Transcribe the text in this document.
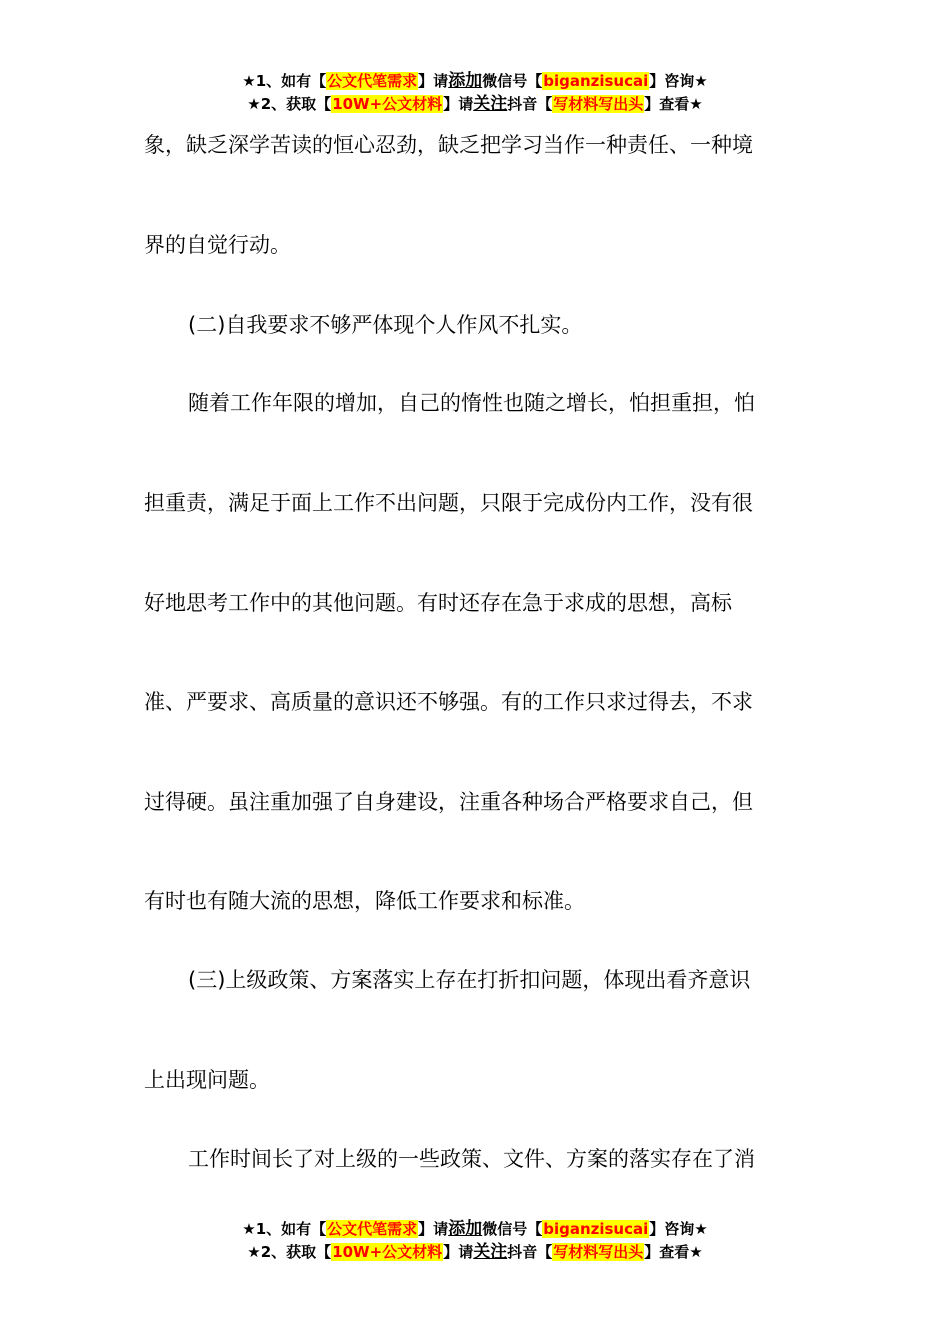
★1、如有【公文代笔需求】请添加微信号【biganzisucai】咨询★
★2、获取【10W+公文材料】请关注抖音【写材料写出头】查看★
象，缺乏深学苦读的恒心忍劲，缺乏把学习当作一种责任、一种境
界的自觉行动。
(二)自我要求不够严体现个人作风不扎实。
随着工作年限的增加，自己的惰性也随之增长，怕担重担，怕
担重责，满足于面上工作不出问题，只限于完成份内工作，没有很
好地思考工作中的其他问题。有时还存在急于求成的思想，高标
准、严要求、高质量的意识还不够强。有的工作只求过得去，不求
过得硬。虽注重加强了自身建设，注重各种场合严格要求自己，但
有时也有随大流的思想，降低工作要求和标准。
(三)上级政策、方案落实上存在打折扣问题，体现出看齐意识
上出现问题。
工作时间长了对上级的一些政策、文件、方案的落实存在了消
★1、如有【公文代笔需求】请添加微信号【biganzisucai】咨询★
★2、获取【10W+公文材料】请关注抖音【写材料写出头】查看★
